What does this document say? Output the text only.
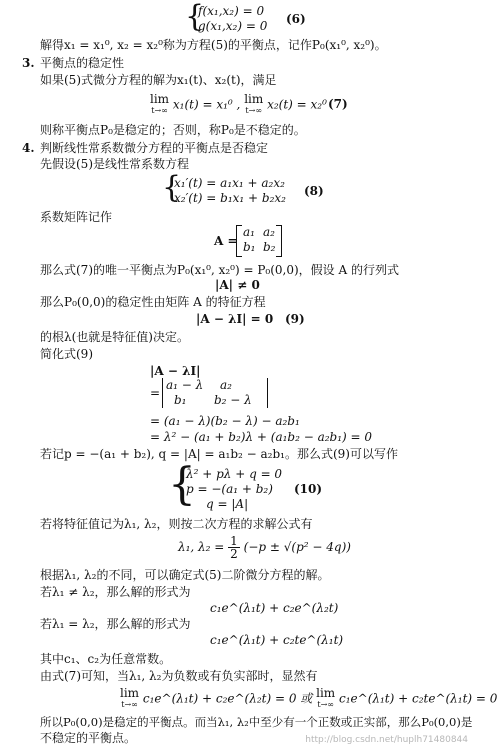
{
f(x₁,x₂) = 0
g(x₁,x₂) = 0 (6)
解得x₁ = x₁⁰, x₂ = x₂⁰称为方程(5)的平衡点，记作P₀(x₁⁰, x₂⁰)。
3. 平衡点的稳定性
如果(5)式微分方程的解为x₁(t)、x₂(t)，满足
lim
t→∞ x₁(t) = x₁⁰ , lim
t→∞ x₂(t) = x₂⁰ (7)
则称平衡点P₀是稳定的；否则，称P₀是不稳定的。
4. 判断线性常系数微分方程的平衡点是否稳定
先假设(5)是线性常系数方程
{
x₁′(t) = a₁x₁ + a₂x₂
x₂′(t) = b₁x₁ + b₂x₂ (8)
系数矩阵记作
A =
a₁ a₂
b₁ b₂
那么式(7)的唯一平衡点为P₀(x₁⁰, x₂⁰) = P₀(0,0)，假设 A 的行列式
|A| ≠ 0
那么P₀(0,0)的稳定性由矩阵 A 的特征方程
|A − λI| = 0 (9)
的根λ(也就是特征值)决定。
简化式(9)
|A − λI|
=
a₁ − λ a₂
b₁ b₂ − λ
= (a₁ − λ)(b₂ − λ) − a₂b₁
= λ² − (a₁ + b₂)λ + (a₁b₂ − a₂b₁) = 0
若记p = −(a₁ + b₂), q = |A| = a₁b₂ − a₂b₁。那么式(9)可以写作
{
λ² + pλ + q = 0
p = −(a₁ + b₂)
q = |A|
(10)
若将特征值记为λ₁, λ₂，则按二次方程的求解公式有
λ₁, $\lambda_2 = \frac{1}{2} (-p \pm √(p^2 - 4q))$
根据λ₁, λ₂的不同，可以确定式(5)二阶微分方程的解。
若λ₁ ≠ λ₂，那么解的形式为
c₁e^(λ₁t) + c₂e^(λ₂t)
若λ₁ = λ₂，那么解的形式为
c₁e^(λ₁t) + c₂te^(λ₁t)
其中c₁、c₂为任意常数。
由式(7)可知，当λ₁, λ₂为负数或有负实部时，显然有
lim
t→∞ c₁e^(λ₁t) + c₂e^(λ₂t) = 0 或 lim
t→∞ c₁e^(λ₁t) + c₂te^(λ₁t) = 0
所以P₀(0,0)是稳定的平衡点。而当λ₁, λ₂中至少有一个正数或正实部，那么P₀(0,0)是
不稳定的平衡点。	http://blog.csdn.net/huplh71480844
